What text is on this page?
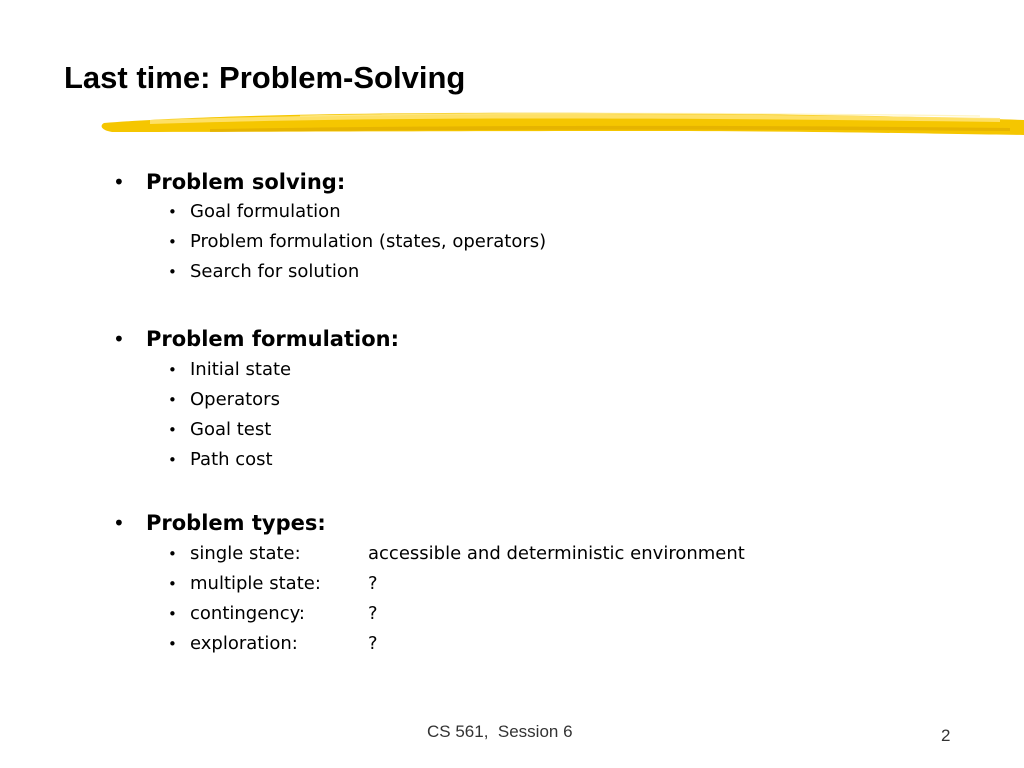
Last time: Problem-Solving
• Problem solving:
• Goal formulation
• Problem formulation (states, operators)
• Search for solution
• Problem formulation:
• Initial state
• Operators
• Goal test
• Path cost
• Problem types:
• single state:	accessible and deterministic environment
• multiple state:	?
• contingency:	?
• exploration:	?
CS 561,  Session 6	2
